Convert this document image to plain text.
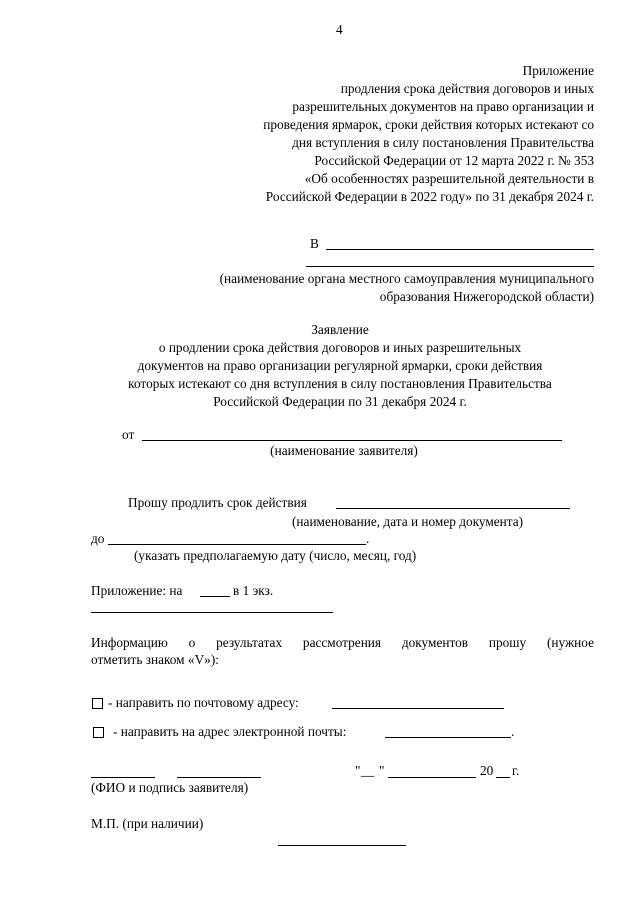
4
Приложение
продления срока действия договоров и иных
разрешительных документов на право организации и
проведения ярмарок, сроки действия которых истекают со
дня вступления в силу постановления Правительства
Российской Федерации от 12 марта 2022 г. № 353
«Об особенностях разрешительной деятельности в
Российской Федерации в 2022 году» по 31 декабря 2024 г.
В
(наименование органа местного самоуправления муниципального
образования Нижегородской области)
Заявление
о продлении срока действия договоров и иных разрешительных
документов на право организации регулярной ярмарки, сроки действия
которых истекают со дня вступления в силу постановления Правительства
Российской Федерации по 31 декабря 2024 г.
от
(наименование заявителя)
Прошу продлить срок действия
(наименование, дата и номер документа)
до	.
(указать предполагаемую дату (число, месяц, год)
Приложение: на	в 1 экз.
Информацию о результатах рассмотрения документов прошу (нужное
отметить знаком «V»):
- направить по почтовому адресу:
- направить на адрес электронной почты:	.
" __ "	20 г.
(ФИО и подпись заявителя)
М.П. (при наличии)
